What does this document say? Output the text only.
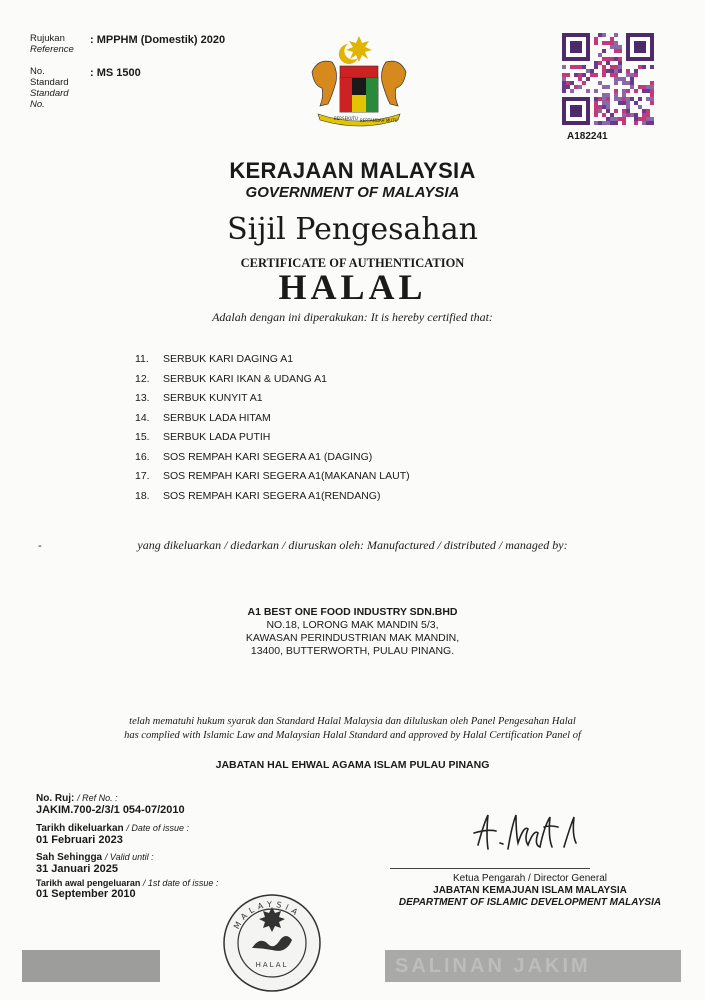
Rujukan
Reference
: MPPHM (Domestik) 2020
No.
Standard
Standard
No.
: MS 1500
BERSEKUTU BERTAMBAH MUTU
A182241
KERAJAAN MALAYSIA
GOVERNMENT OF MALAYSIA
Sijil Pengesahan
CERTIFICATE OF AUTHENTICATION
HALAL
Adalah dengan ini diperakukan: It is hereby certified that:
11.	SERBUK KARI DAGING A1
12.	SERBUK KARI IKAN & UDANG A1
13.	SERBUK KUNYIT A1
14.	SERBUK LADA HITAM
15.	SERBUK LADA PUTIH
16.	SOS REMPAH KARI SEGERA A1 (DAGING)
17.	SOS REMPAH KARI SEGERA A1(MAKANAN LAUT)
18.	SOS REMPAH KARI SEGERA A1(RENDANG)
-	yang dikeluarkan / diedarkan / diuruskan oleh: Manufactured / distributed / managed by:
A1 BEST ONE FOOD INDUSTRY SDN.BHD
NO.18, LORONG MAK MANDIN 5/3,
KAWASAN PERINDUSTRIAN MAK MANDIN,
13400, BUTTERWORTH, PULAU PINANG.
telah mematuhi hukum syarak dan Standard Halal Malaysia dan diluluskan oleh Panel Pengesahan Halal
has complied with Islamic Law and Malaysian Halal Standard and approved by Halal Certification Panel of
JABATAN HAL EHWAL AGAMA ISLAM PULAU PINANG
No. Ruj: / Ref No. :
JAKIM.700-2/3/1 054-07/2010
Tarikh dikeluarkan / Date of issue :
01 Februari 2023
Sah Sehingga / Valid until :
31 Januari 2025
Tarikh awal pengeluaran / 1st date of issue :
01 September 2010
Ketua Pengarah / Director General
JABATAN KEMAJUAN ISLAM MALAYSIA
DEPARTMENT OF ISLAMIC DEVELOPMENT MALAYSIA
SALINAN JAKIM
MALAYSIA
HALAL
